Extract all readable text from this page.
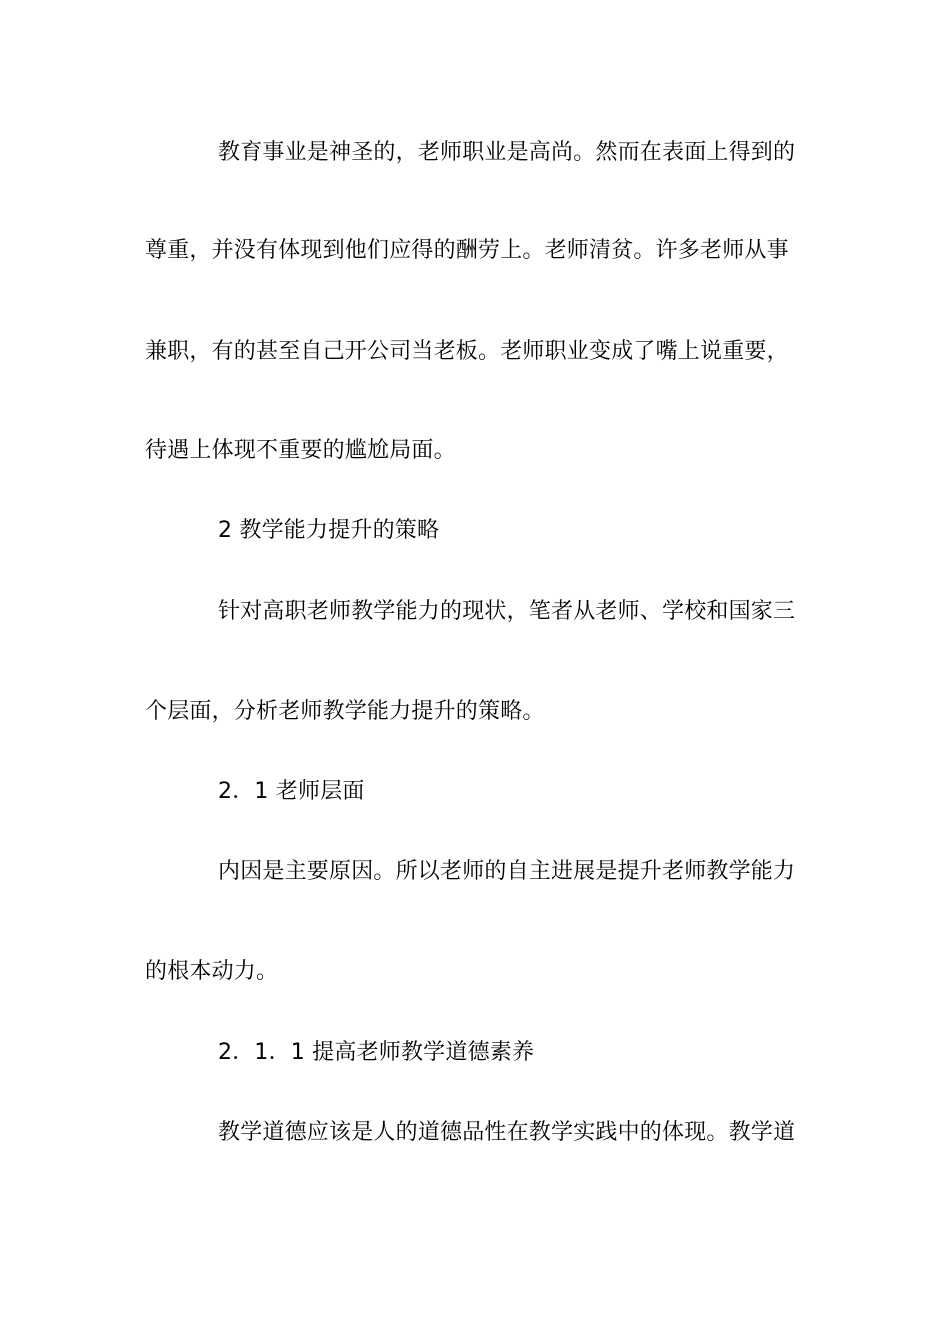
教育事业是神圣的，老师职业是高尚。然而在表面上得到的
尊重，并没有体现到他们应得的酬劳上。老师清贫。许多老师从事
兼职，有的甚至自己开公司当老板。老师职业变成了嘴上说重要，
待遇上体现不重要的尴尬局面。
2 教学能力提升的策略
针对高职老师教学能力的现状，笔者从老师、学校和国家三
个层面，分析老师教学能力提升的策略。
2．1 老师层面
内因是主要原因。所以老师的自主进展是提升老师教学能力
的根本动力。
2．1．1 提高老师教学道德素养
教学道德应该是人的道德品性在教学实践中的体现。教学道
